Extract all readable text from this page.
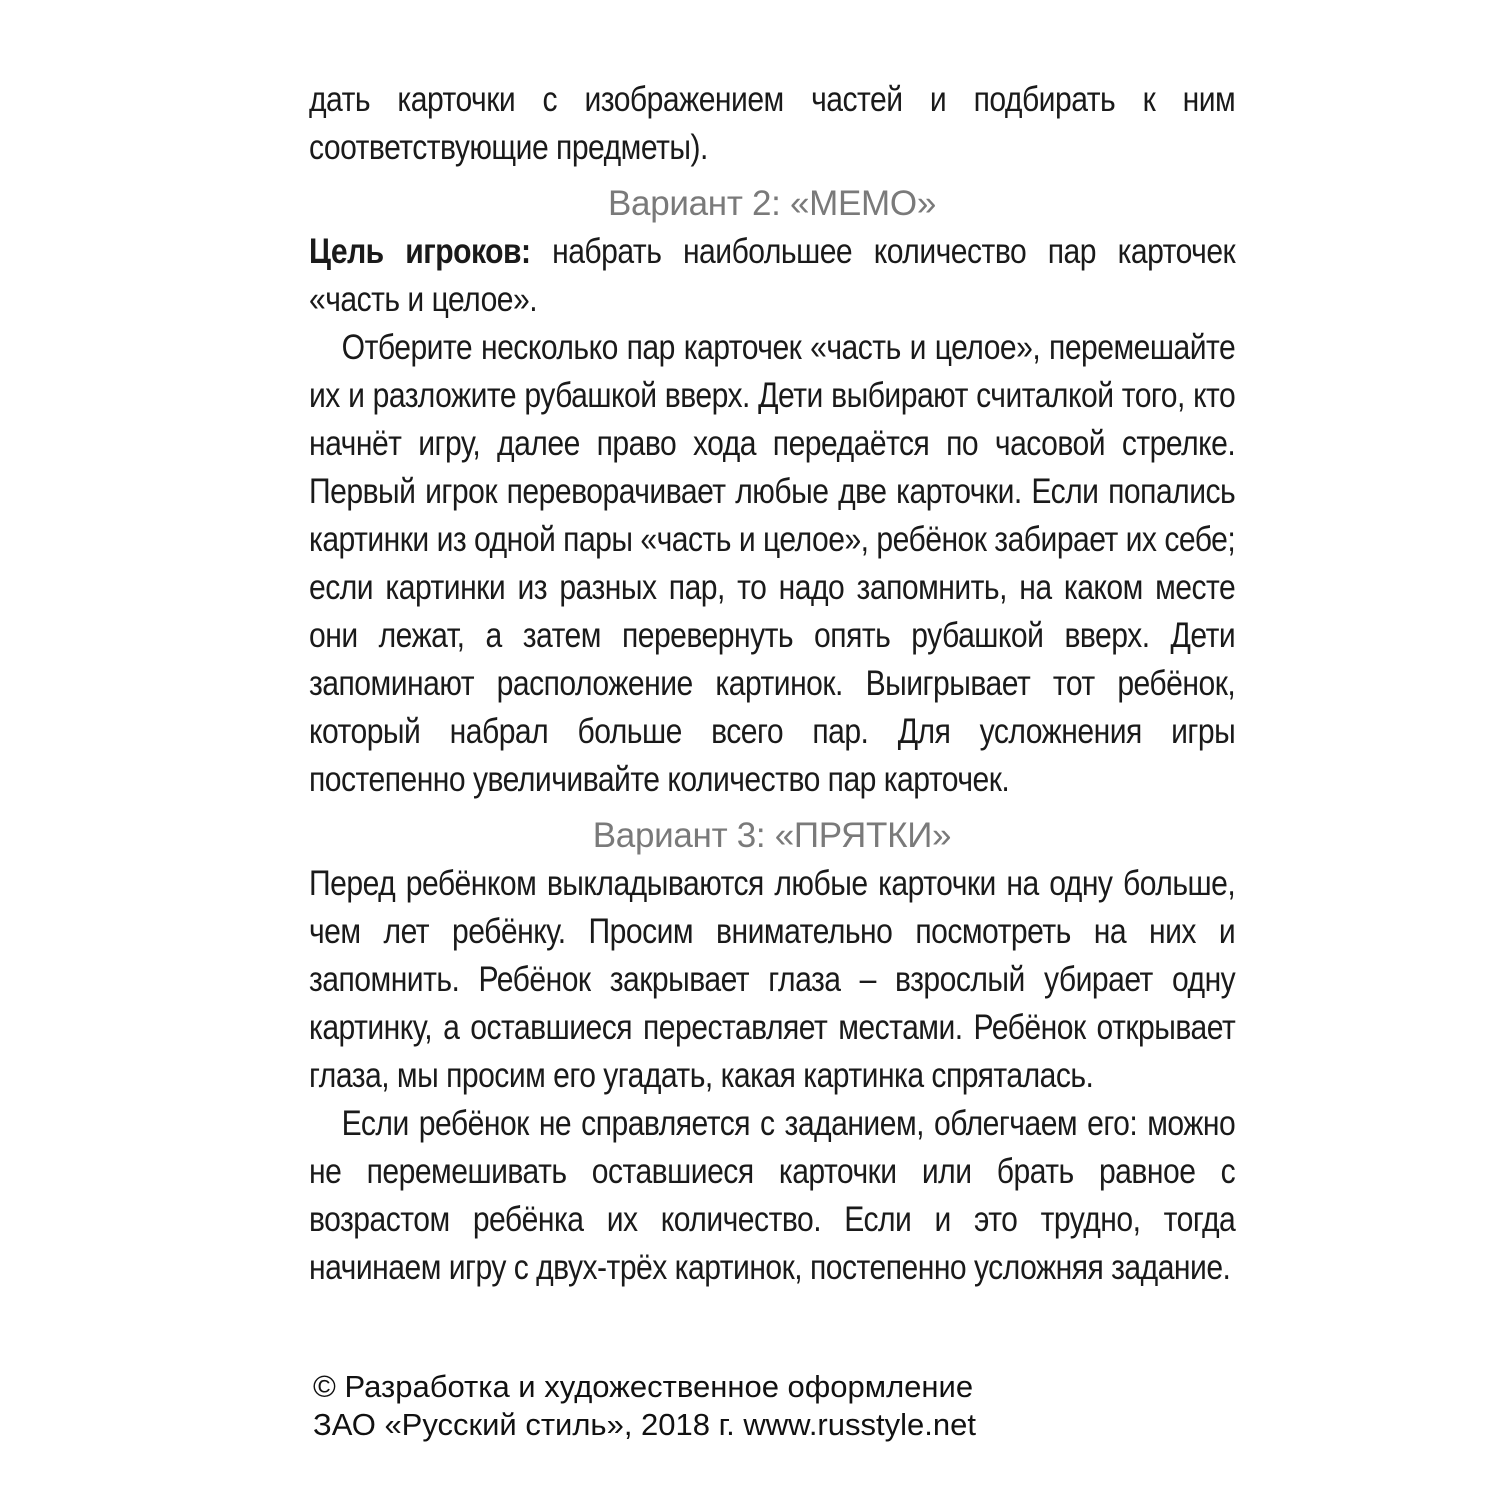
дать карточки с изображением частей и подбирать к ним соответствующие предметы).

Вариант 2: «МЕМО»

Цель игроков: набрать наибольшее количество пар карточек «часть и целое».

Отберите несколько пар карточек «часть и целое», перемешайте их и разложите рубашкой вверх. Дети выбирают считалкой того, кто начнёт игру, далее право хода передаётся по часовой стрелке. Первый игрок переворачивает любые две карточки. Если попались картинки из одной пары «часть и целое», ребёнок забирает их себе; если картинки из разных пар, то надо запомнить, на каком месте они лежат, а затем перевернуть опять рубашкой вверх. Дети запоминают расположение картинок. Выигрывает тот ребёнок, который набрал больше всего пар. Для усложнения игры постепенно увеличивайте количество пар карточек.

Вариант 3: «ПРЯТКИ»

Перед ребёнком выкладываются любые карточки на одну больше, чем лет ребёнку. Просим внимательно посмотреть на них и запомнить. Ребёнок закрывает глаза – взрослый убирает одну картинку, а оставшиеся переставляет местами. Ребёнок открывает глаза, мы просим его угадать, какая картинка спряталась.

Если ребёнок не справляется с заданием, облегчаем его: можно не перемешивать оставшиеся карточки или брать равное с возрастом ребёнка их количество. Если и это трудно, тогда начинаем игру с двух-трёх картинок, постепенно усложняя задание.

© Разработка и художественное оформление
ЗАО «Русский стиль», 2018 г. www.russtyle.net
